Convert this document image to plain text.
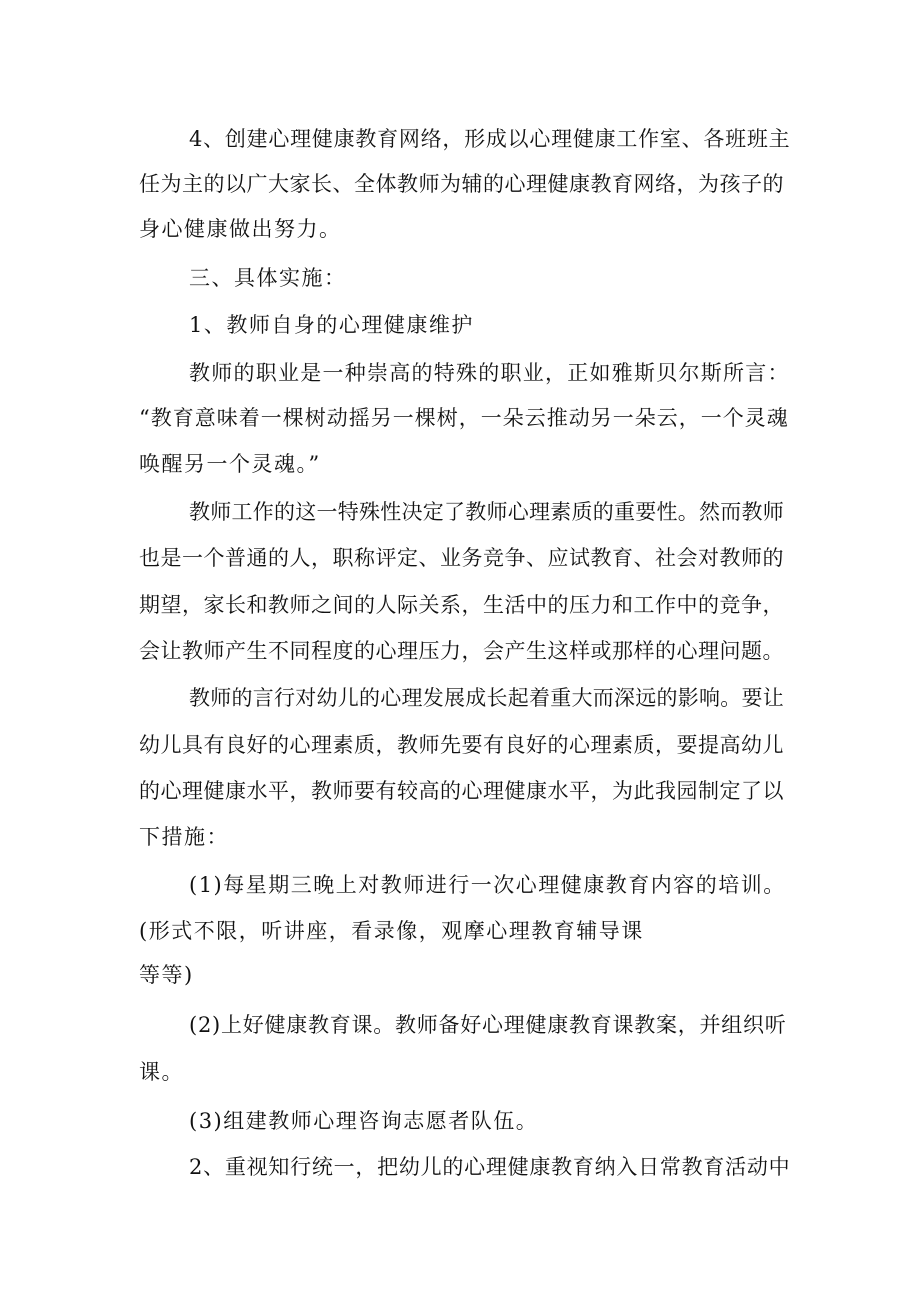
4、创建心理健康教育网络，形成以心理健康工作室、各班班主
任为主的以广大家长、全体教师为辅的心理健康教育网络，为孩子的
身心健康做出努力。
三、具体实施：
1、教师自身的心理健康维护
教师的职业是一种崇高的特殊的职业，正如雅斯贝尔斯所言：
“教育意味着一棵树动摇另一棵树，一朵云推动另一朵云，一个灵魂
唤醒另一个灵魂。”
教师工作的这一特殊性决定了教师心理素质的重要性。然而教师
也是一个普通的人，职称评定、业务竞争、应试教育、社会对教师的
期望，家长和教师之间的人际关系，生活中的压力和工作中的竞争，
会让教师产生不同程度的心理压力，会产生这样或那样的心理问题。
教师的言行对幼儿的心理发展成长起着重大而深远的影响。要让
幼儿具有良好的心理素质，教师先要有良好的心理素质，要提高幼儿
的心理健康水平，教师要有较高的心理健康水平，为此我园制定了以
下措施：
(1)每星期三晚上对教师进行一次心理健康教育内容的培训。
(形式不限，听讲座，看录像，观摩心理教育辅导课
等等)
(2)上好健康教育课。教师备好心理健康教育课教案，并组织听
课。
(3)组建教师心理咨询志愿者队伍。
2、重视知行统一，把幼儿的心理健康教育纳入日常教育活动中
